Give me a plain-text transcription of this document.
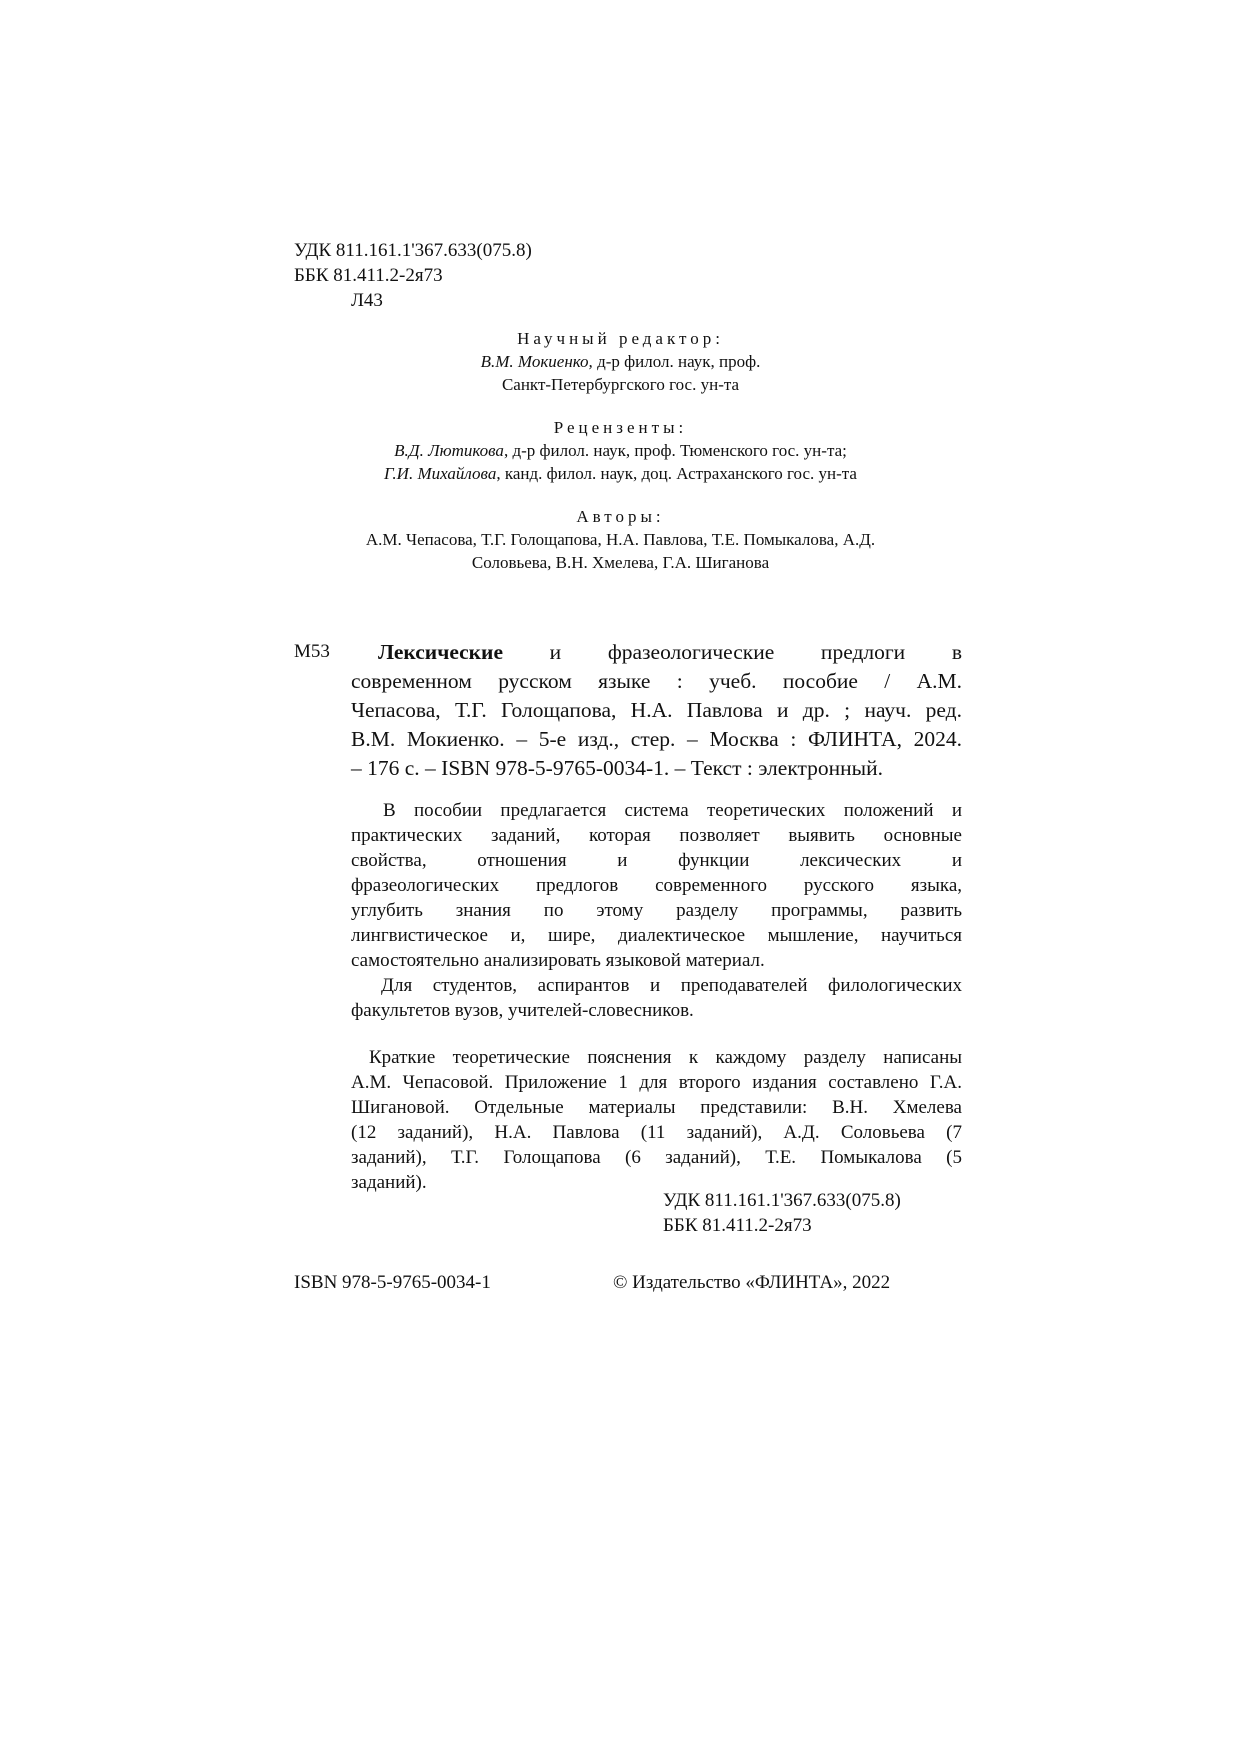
УДК 811.161.1'367.633(075.8)
ББК 81.411.2-2я73
Л43
Научный редактор:
В.М. Мокиенко, д-р филол. наук, проф.
Санкт-Петербургского гос. ун-та
Рецензенты:
В.Д. Лютикова, д-р филол. наук, проф. Тюменского гос. ун-та;
Г.И. Михайлова, канд. филол. наук, доц. Астраханского гос. ун-та
Авторы:
А.М. Чепасова, Т.Г. Голощапова, Н.А. Павлова, Т.Е. Помыкалова, А.Д.
Соловьева, В.Н. Хмелева, Г.А. Шиганова
М53 Лексические и фразеологические предлоги в
современном русском языке : учеб. пособие / А.М.
Чепасова, Т.Г. Голощапова, Н.А. Павлова и др. ; науч. ред.
В.М. Мокиенко. – 5-е изд., стер. – Москва : ФЛИНТА, 2024.
– 176 с. – ISBN 978-5-9765-0034-1. – Текст : электронный.
В пособии предлагается система теоретических положений и
практических заданий, которая позволяет выявить основные
свойства, отношения и функции лексических и
фразеологических предлогов современного русского языка,
углубить знания по этому разделу программы, развить
лингвистическое и, шире, диалектическое мышление, научиться
самостоятельно анализировать языковой материал.
Для студентов, аспирантов и преподавателей филологических
факультетов вузов, учителей-словесников.
Краткие теоретические пояснения к каждому разделу написаны
А.М. Чепасовой. Приложение 1 для второго издания составлено Г.А.
Шигановой. Отдельные материалы представили: В.Н. Хмелева
(12 заданий), Н.А. Павлова (11 заданий), А.Д. Соловьева (7
заданий), Т.Г. Голощапова (6 заданий), Т.Е. Помыкалова (5
заданий).
УДК 811.161.1'367.633(075.8)
ББК 81.411.2-2я73
ISBN 978-5-9765-0034-1	© Издательство «ФЛИНТА», 2022
